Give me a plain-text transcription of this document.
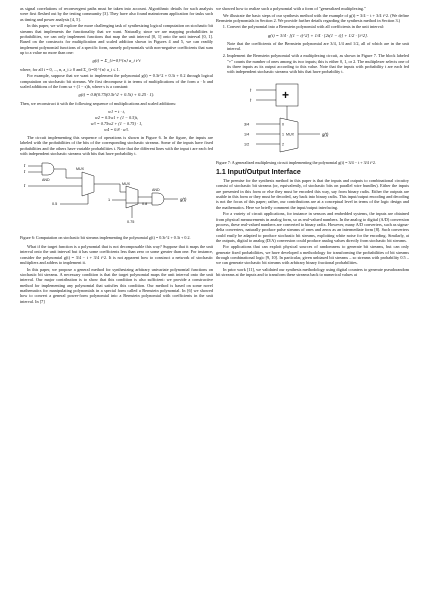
as signal correlations of reconvergent paths must be taken into account. Algorithmic details for such analysis were first fleshed out by the testing community [3]. They have also found mainstream application for tasks such as timing and power analysis [4, 5].

In this paper, we will explore the more challenging task of synthesizing logical computation on stochastic bit streams that implements the functionality that we want. Naturally, since we are mapping probabilities to probabilities, we can only implement functions that map the unit interval [0, 1] onto the unit interval [0, 1]. Based on the constructs for multiplication and scaled addition shown in Figures 4 and 5, we can readily implement polynomial functions of a specific form, namely polynomials with non-negative coefficients that sum up to a value no more than one:

g(t) = Σ_{i=0}^{n} a_i t^i

where, for all i = 0, ..., n, a_i ≥ 0 and Σ_{i=0}^{n} a_i ≤ 1.

For example, suppose that we want to implement the polynomial g(t) = 0.3t^2 + 0.3t + 0.2 through logical computation on stochastic bit streams. We first decompose it in terms of multiplications of the form a · b and scaled additions of the form sa + (1 − s)b, where s is a constant:

g(t) = 0.8(0.75(0.5t^2 + 0.5t) + 0.25 · 1).

Then, we reconstruct it with the following sequence of multiplications and scaled additions:

w1 = t · t,
w2 = 0.5w1 + (1 − 0.5)t,
w3 = 0.75w2 + (1 − 0.75) · 1,
w4 = 0.8 · w3.

The circuit implementing this sequence of operations is shown in Figure 6. In the figure, the inputs are labeled with the probabilities of the bits of the corresponding stochastic streams. Some of the inputs have fixed probabilities and the others have variable probabilities t. Note that the different lines with the input t are each fed with independent stochastic streams with bits that have probability t.

t
t
t
AND
MUX
MUX
AND
0.5
1
0.75
0.8
g(t)
Figure 6: Computation on stochastic bit streams implementing the polynomial g(t) = 0.3t^2 + 0.3t + 0.2.

What if the target function is a polynomial that is not decomposable this way? Suppose that it maps the unit interval onto the unit interval but it has some coefficients less than zero or some greater than one. For instance, consider the polynomial g(t) = 3/4 − t + 3/4 t^2. It is not apparent how to construct a network of stochastic multipliers and adders to implement it.

In this paper, we propose a general method for synthesizing arbitrary univariate polynomial functions on stochastic bit streams. A necessary condition is that the target polynomial maps the unit interval onto the unit interval. Our major contribution is to show that this condition is also sufficient: we provide a constructive method for implementing any polynomial that satisfies this condition. Our method is based on some novel mathematics for manipulating polynomials in a special form called a Bernstein polynomial. In [6] we showed how to convert a general power-form polynomial into a Bernstein polynomial with coefficients in the unit interval. In [7]

we showed how to realize such a polynomial with a form of "generalized multiplexing."

We illustrate the basic steps of our synthesis method with the example of g(t) = 3/4 − t + 3/4 t^2. (We define Bernstein polynomials in Section 2. We provide further details regarding the synthesis method in Section 3.)

1. Convert the polynomial into a Bernstein polynomial with all coefficients in the unit interval:
g(t) = 3/4 · [(1 − t)^2] + 1/4 · [2t(1 − t)] + 1/2 · [t^2].
Note that the coefficients of the Bernstein polynomial are 3/4, 1/4 and 1/2, all of which are in the unit interval.
2. Implement the Bernstein polynomial with a multiplexing circuit, as shown in Figure 7. The block labeled "+" counts the number of ones among its two inputs; this is either 0, 1, or 2. The multiplexer selects one of its three inputs as its output according to this value. Note that the inputs with probability t are each fed with independent stochastic streams with bits that have probability t.
t
t	+
3/4
1/4
1/2
0
1 MUX
2
g(t)
Figure 7: A generalized multiplexing circuit implementing the polynomial g(t) = 3/4 − t + 3/4 t^2.
1.1 Input/Output Interface

The premise for the synthesis method in this paper is that the inputs and outputs to combinational circuitry consist of stochastic bit streams (or, equivalently, of stochastic bits on parallel wire bundles). Either the inputs are presented in this form or else they must be encoded this way, say from binary radix. Either the outputs are usable in this form or they must be decoded, say back into binary radix. This input/output encoding and decoding is not the focus of this paper; rather, our contributions are at a conceptual level in terms of the logic design and the mathematics. Here we briefly comment the input/output interfacing.

For a variety of circuit applications, for instance in sensors and embedded systems, the inputs are obtained from physical measurements in analog form, so as real-valued numbers. In the analog to digital (A/D) conversion process, these real-valued numbers are converted to binary radix. However, many A/D converters, such as sigma-delta converters, naturally produce pulse streams of ones and zeros as an intermediate form [8]. Such converters could easily be adapted to produce stochastic bit streams, exploiting white noise for the encoding. Similarly, at the outputs, digital to analog (D/A) conversion could produce analog values directly from stochastic bit streams.

For applications that can exploit physical sources of randomness to generate bit streams, but can only generate fixed probabilities, we have developed a methodology for transforming the probabilities of bit streams through combinational logic [9, 10]. In particular, given unbiased bit streams – so streams with probability 0.5 – we can generate stochastic bit streams with arbitrary binary fractional probabilities.

In prior work [11], we validated our synthesis methodology using digital counters to generate pseudorandom bit streams at the inputs and to transform these streams back to numerical values at
